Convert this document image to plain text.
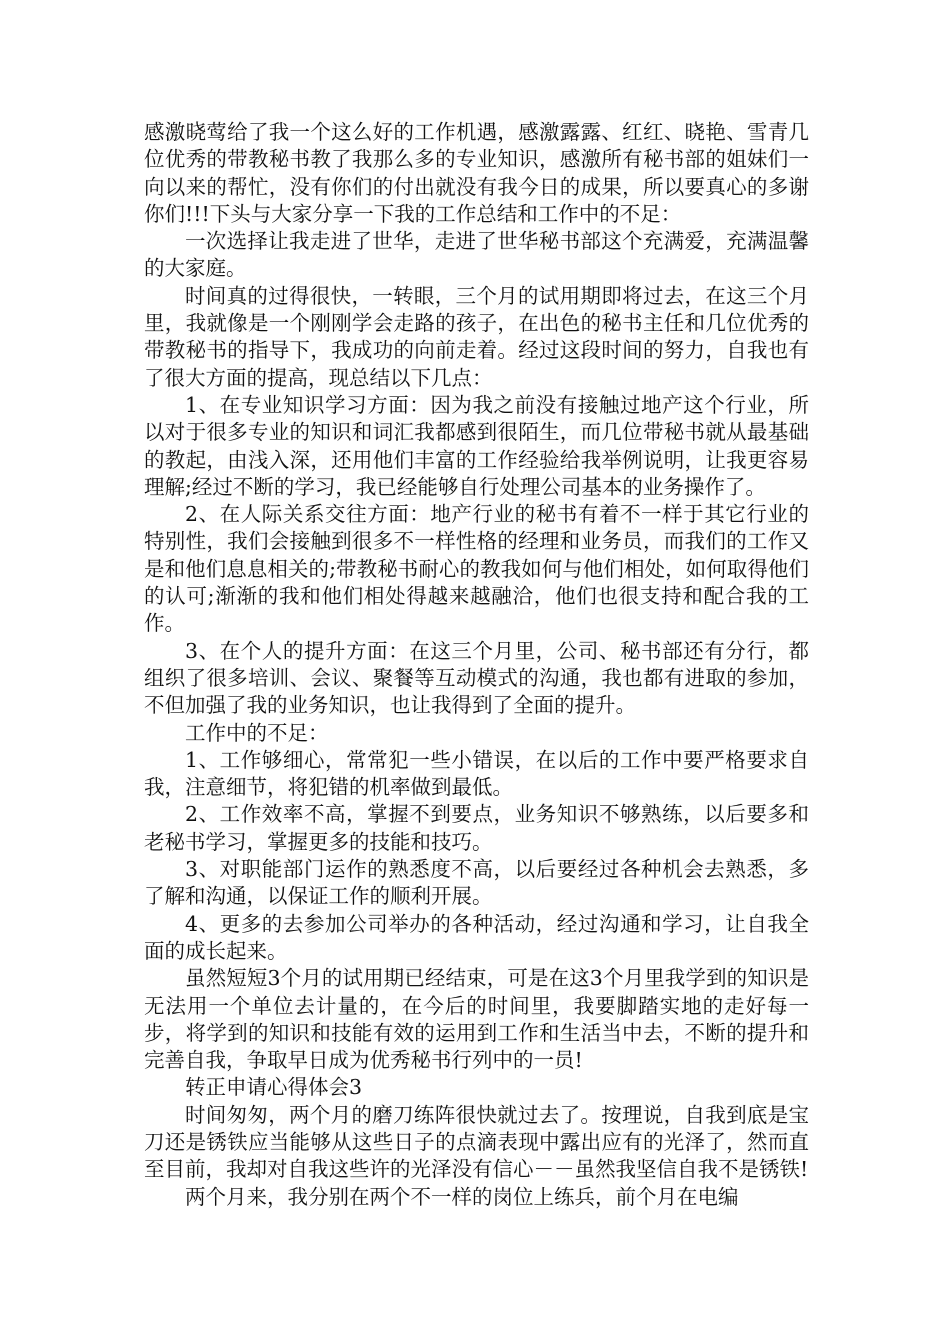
感激晓莺给了我一个这么好的工作机遇，感激露露、红红、晓艳、雪青几位优秀的带教秘书教了我那么多的专业知识，感激所有秘书部的姐妹们一向以来的帮忙，没有你们的付出就没有我今日的成果，所以要真心的多谢你们!!!下头与大家分享一下我的工作总结和工作中的不足：

一次选择让我走进了世华，走进了世华秘书部这个充满爱，充满温馨的大家庭。

时间真的过得很快，一转眼，三个月的试用期即将过去，在这三个月里，我就像是一个刚刚学会走路的孩子，在出色的秘书主任和几位优秀的带教秘书的指导下，我成功的向前走着。经过这段时间的努力，自我也有了很大方面的提高，现总结以下几点：

1、在专业知识学习方面：因为我之前没有接触过地产这个行业，所以对于很多专业的知识和词汇我都感到很陌生，而几位带秘书就从最基础的教起，由浅入深，还用他们丰富的工作经验给我举例说明，让我更容易理解;经过不断的学习，我已经能够自行处理公司基本的业务操作了。

2、在人际关系交往方面：地产行业的秘书有着不一样于其它行业的特别性，我们会接触到很多不一样性格的经理和业务员，而我们的工作又是和他们息息相关的;带教秘书耐心的教我如何与他们相处，如何取得他们的认可;渐渐的我和他们相处得越来越融洽，他们也很支持和配合我的工作。

3、在个人的提升方面：在这三个月里，公司、秘书部还有分行，都组织了很多培训、会议、聚餐等互动模式的沟通，我也都有进取的参加，不但加强了我的业务知识，也让我得到了全面的提升。

工作中的不足：

1、工作够细心，常常犯一些小错误，在以后的工作中要严格要求自我，注意细节，将犯错的机率做到最低。

2、工作效率不高，掌握不到要点，业务知识不够熟练，以后要多和老秘书学习，掌握更多的技能和技巧。

3、对职能部门运作的熟悉度不高，以后要经过各种机会去熟悉，多了解和沟通，以保证工作的顺利开展。

4、更多的去参加公司举办的各种活动，经过沟通和学习，让自我全面的成长起来。

虽然短短3个月的试用期已经结束，可是在这3个月里我学到的知识是无法用一个单位去计量的，在今后的时间里，我要脚踏实地的走好每一步，将学到的知识和技能有效的运用到工作和生活当中去，不断的提升和完善自我，争取早日成为优秀秘书行列中的一员!

转正申请心得体会3

时间匆匆，两个月的磨刀练阵很快就过去了。按理说，自我到底是宝刀还是锈铁应当能够从这些日子的点滴表现中露出应有的光泽了，然而直至目前，我却对自我这些许的光泽没有信心－－虽然我坚信自我不是锈铁!

两个月来，我分别在两个不一样的岗位上练兵，前个月在电编
